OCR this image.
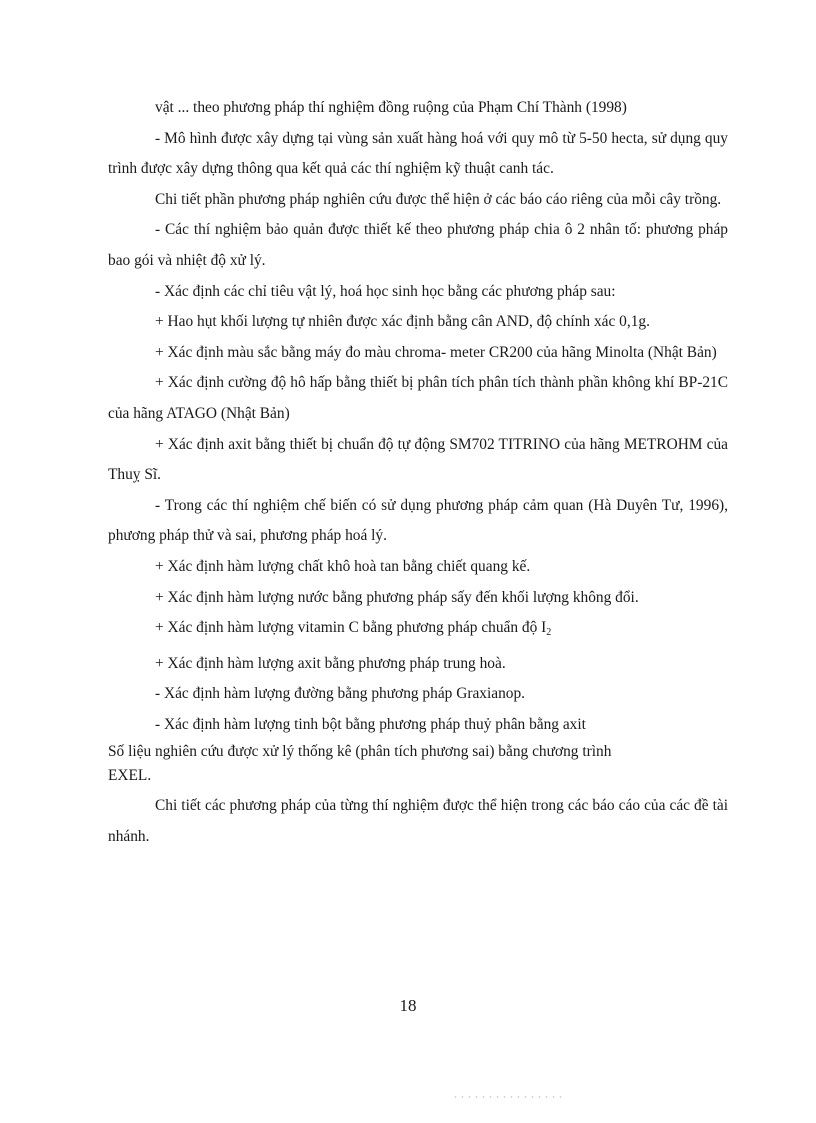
vật ... theo phương pháp thí nghiệm đồng ruộng của Phạm Chí Thành (1998)

- Mô hình được xây dựng tại vùng sản xuất hàng hoá với quy mô từ 5-50 hecta, sử dụng quy trình được xây dựng thông qua kết quả các thí nghiệm kỹ thuật canh tác.

Chi tiết phần phương pháp nghiên cứu được thể hiện ở các báo cáo riêng của mỗi cây trồng.

- Các thí nghiệm bảo quản được thiết kế theo phương pháp chia ô 2 nhân tố: phương pháp bao gói và nhiệt độ xử lý.

- Xác định các chỉ tiêu vật lý, hoá học sinh học bằng các phương pháp sau:

+ Hao hụt khối lượng tự nhiên được xác định bằng cân AND, độ chính xác 0,1g.

+ Xác định màu sắc bằng máy đo màu chroma- meter CR200 của hãng Minolta (Nhật Bản)

+ Xác định cường độ hô hấp bằng thiết bị phân tích phân tích thành phần không khí BP-21C của hãng ATAGO (Nhật Bản)

+ Xác định axit bằng thiết bị chuẩn độ tự động SM702 TITRINO của hãng METROHM của Thuỵ Sĩ.

- Trong các thí nghiệm chế biến có sử dụng phương pháp cảm quan (Hà Duyên Tư, 1996), phương pháp thử và sai, phương pháp hoá lý.

+ Xác định hàm lượng chất khô hoà tan bằng chiết quang kế.

+ Xác định hàm lượng nước bằng phương pháp sấy đến khối lượng không đổi.

+ Xác định hàm lượng vitamin C bằng phương pháp chuẩn độ $I_2$

+ Xác định hàm lượng axit bằng phương pháp trung hoà.

- Xác định hàm lượng đường bằng phương pháp Graxianop.

- Xác định hàm lượng tinh bột bằng phương pháp thuỷ phân bằng axit

Số liệu nghiên cứu được xử lý thống kê (phân tích phương sai) bằng chương trình EXEL.

Chi tiết các phương pháp của từng thí nghiệm được thể hiện trong các báo cáo của các đề tài nhánh.

18
